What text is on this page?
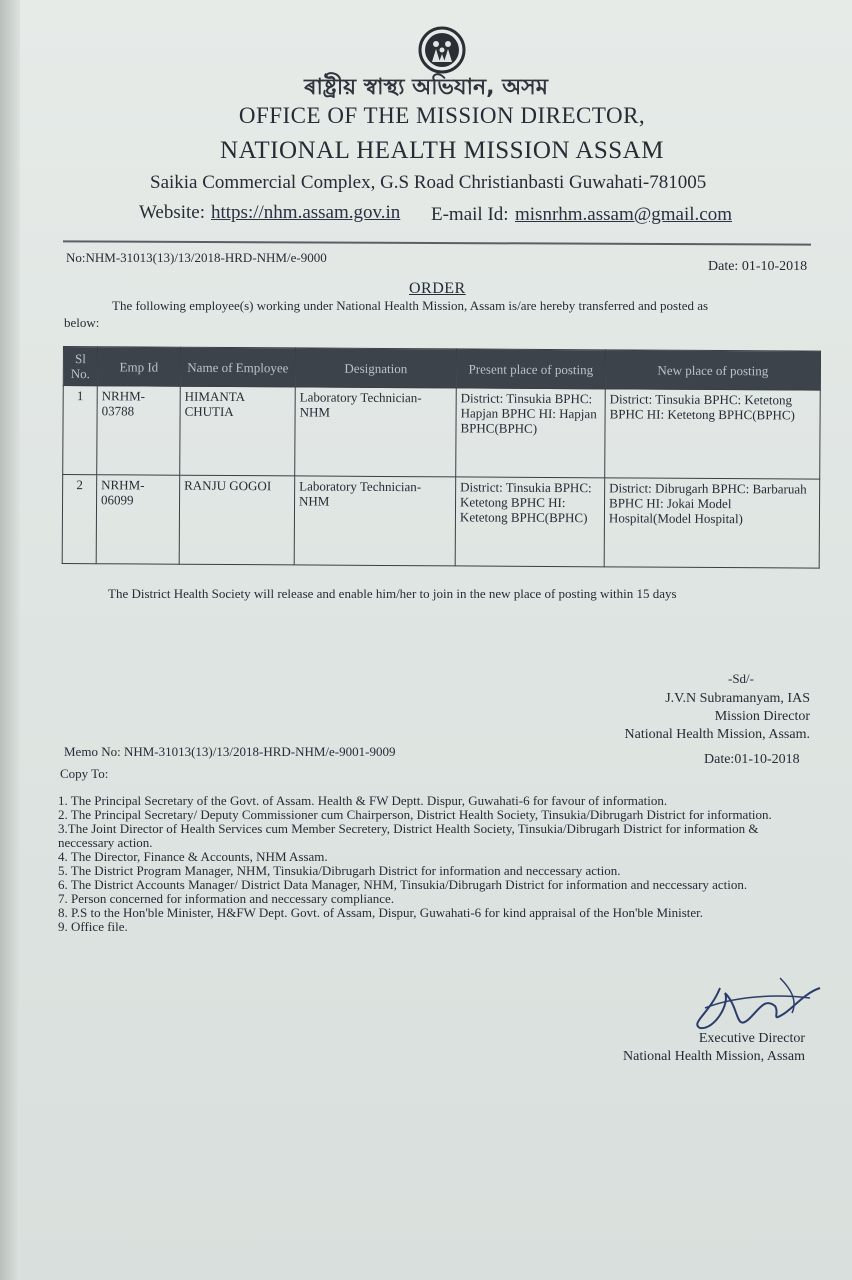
ৰাষ্ট্ৰীয় স্বাস্থ্য অভিযান, অসম
OFFICE OF THE MISSION DIRECTOR,
NATIONAL HEALTH MISSION ASSAM
Saikia Commercial Complex, G.S Road Christianbasti Guwahati-781005
Website: https://nhm.assam.gov.in E-mail Id: misnrhm.assam@gmail.com
No:NHM-31013(13)/13/2018-HRD-NHM/e-9000
Date: 01-10-2018
ORDER
The following employee(s) working under National Health Mission, Assam is/are hereby transferred and posted as
below:
Sl No.	Emp Id	Name of Employee	Designation	Present place of posting	New place of posting
1	NRHM-03788	HIMANTA CHUTIA	Laboratory Technician-NHM	District: Tinsukia BPHC: Hapjan BPHC HI: Hapjan BPHC(BPHC)	District: Tinsukia BPHC: Ketetong BPHC HI: Ketetong BPHC(BPHC)
2	NRHM-06099	RANJU GOGOI	Laboratory Technician-NHM	District: Tinsukia BPHC: Ketetong BPHC HI: Ketetong BPHC(BPHC)	District: Dibrugarh BPHC: Barbaruah BPHC HI: Jokai Model Hospital(Model Hospital)
The District Health Society will release and enable him/her to join in the new place of posting within 15 days
-Sd/-
J.V.N Subramanyam, IAS
Mission Director
National Health Mission, Assam.
Memo No: NHM-31013(13)/13/2018-HRD-NHM/e-9001-9009
Date:01-10-2018
Copy To:
1. The Principal Secretary of the Govt. of Assam. Health & FW Deptt. Dispur, Guwahati-6 for favour of information.
2. The Principal Secretary/ Deputy Commissioner cum Chairperson, District Health Society, Tinsukia/Dibrugarh District for information.
3.The Joint Director of Health Services cum Member Secretery, District Health Society, Tinsukia/Dibrugarh District for information & neccessary action.
4. The Director, Finance & Accounts, NHM Assam.
5. The District Program Manager, NHM, Tinsukia/Dibrugarh District for information and neccessary action.
6. The District Accounts Manager/ District Data Manager, NHM, Tinsukia/Dibrugarh District for information and neccessary action.
7. Person concerned for information and neccessary compliance.
8. P.S to the Hon'ble Minister, H&FW Dept. Govt. of Assam, Dispur, Guwahati-6 for kind appraisal of the Hon'ble Minister.
9. Office file.
Executive Director
National Health Mission, Assam
